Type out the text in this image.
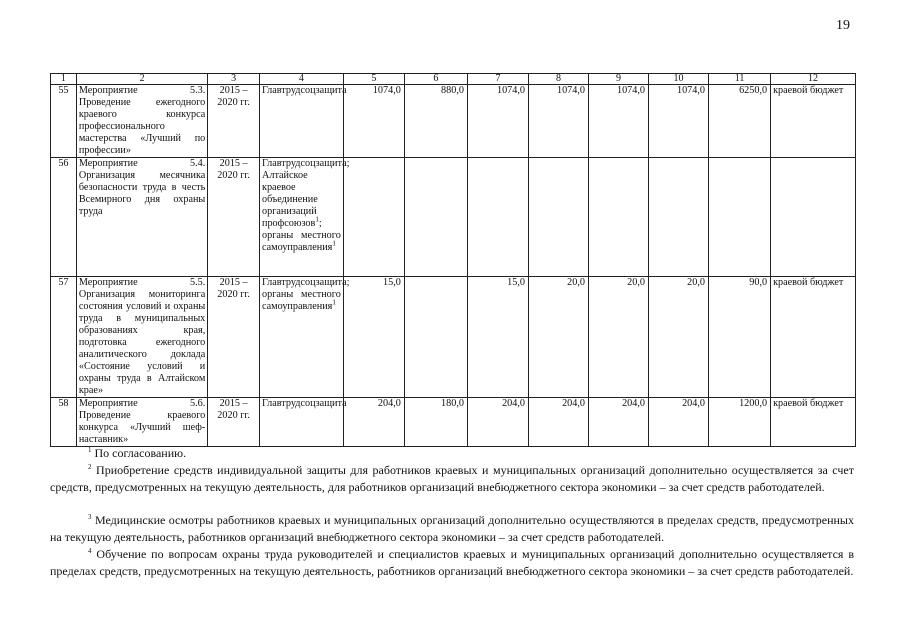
19
1	2	3	4	5	6	7	8	9	10	11	12
55	Мероприятие 5.3. Проведение ежегодного краевого конкурса профессионального мастерства «Лучший по профессии»	2015 – 2020 гг.	Главтрудсоцзащита	1074,0	880,0	1074,0	1074,0	1074,0	1074,0	6250,0	краевой бюджет
56	Мероприятие 5.4. Организация месячника безопасности труда в честь Всемирного дня охраны труда	2015 – 2020 гг.	Главтрудсоцзащита; Алтайское краевое объединение организаций профсоюзов$^1$; органы местного самоуправления$^1$								
57	Мероприятие 5.5. Организация мониторинга состояния условий и охраны труда в муниципальных образованиях края, подготовка ежегодного аналитического доклада «Состояние условий и охраны труда в Алтайском крае»	2015 – 2020 гг.	Главтрудсоцзащита; органы местного самоуправления$^1$	15,0		15,0	20,0	20,0	20,0	90,0	краевой бюджет
58	Мероприятие 5.6. Проведение краевого конкурса «Лучший шеф-наставник»	2015 – 2020 гг.	Главтрудсоцзащита	204,0	180,0	204,0	204,0	204,0	204,0	1200,0	краевой бюджет

$^1$ По согласованию.

$^2$ Приобретение средств индивидуальной защиты для работников краевых и муниципальных организаций дополнительно осуществляется за счет средств, предусмотренных на текущую деятельность, для работников организаций внебюджетного сектора экономики – за счет средств работодателей.

$^3$ Медицинские осмотры работников краевых и муниципальных организаций дополнительно осуществляются в пределах средств, предусмотренных на текущую деятельность, работников организаций внебюджетного сектора экономики – за счет средств работодателей.

$^4$ Обучение по вопросам охраны труда руководителей и специалистов краевых и муниципальных организаций дополнительно осуществляется в пределах средств, предусмотренных на текущую деятельность, работников организаций внебюджетного сектора экономики – за счет средств работодателей.
